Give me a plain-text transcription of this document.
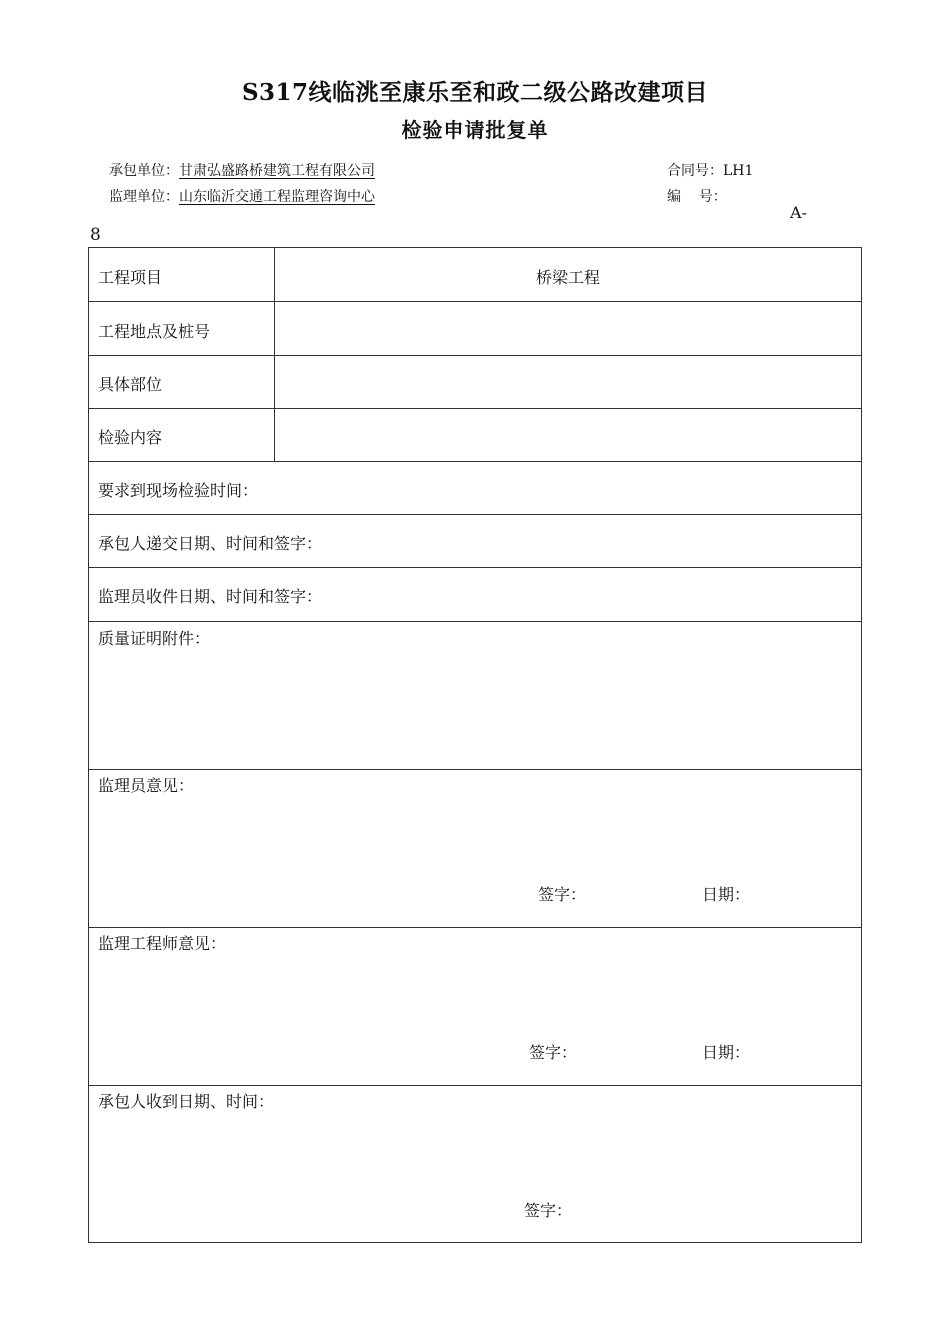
S317线临洮至康乐至和政二级公路改建项目
检验申请批复单
承包单位：甘肃弘盛路桥建筑工程有限公司
监理单位：山东临沂交通工程监理咨询中心
合同号：LH1
编    号：
A-
8
工程项目	桥梁工程
工程地点及桩号
具体部位
检验内容
要求到现场检验时间：
承包人递交日期、时间和签字：
监理员收件日期、时间和签字：
质量证明附件：
监理员意见：
签字：	日期：
监理工程师意见：
签字：	日期：
承包人收到日期、时间：
签字：
